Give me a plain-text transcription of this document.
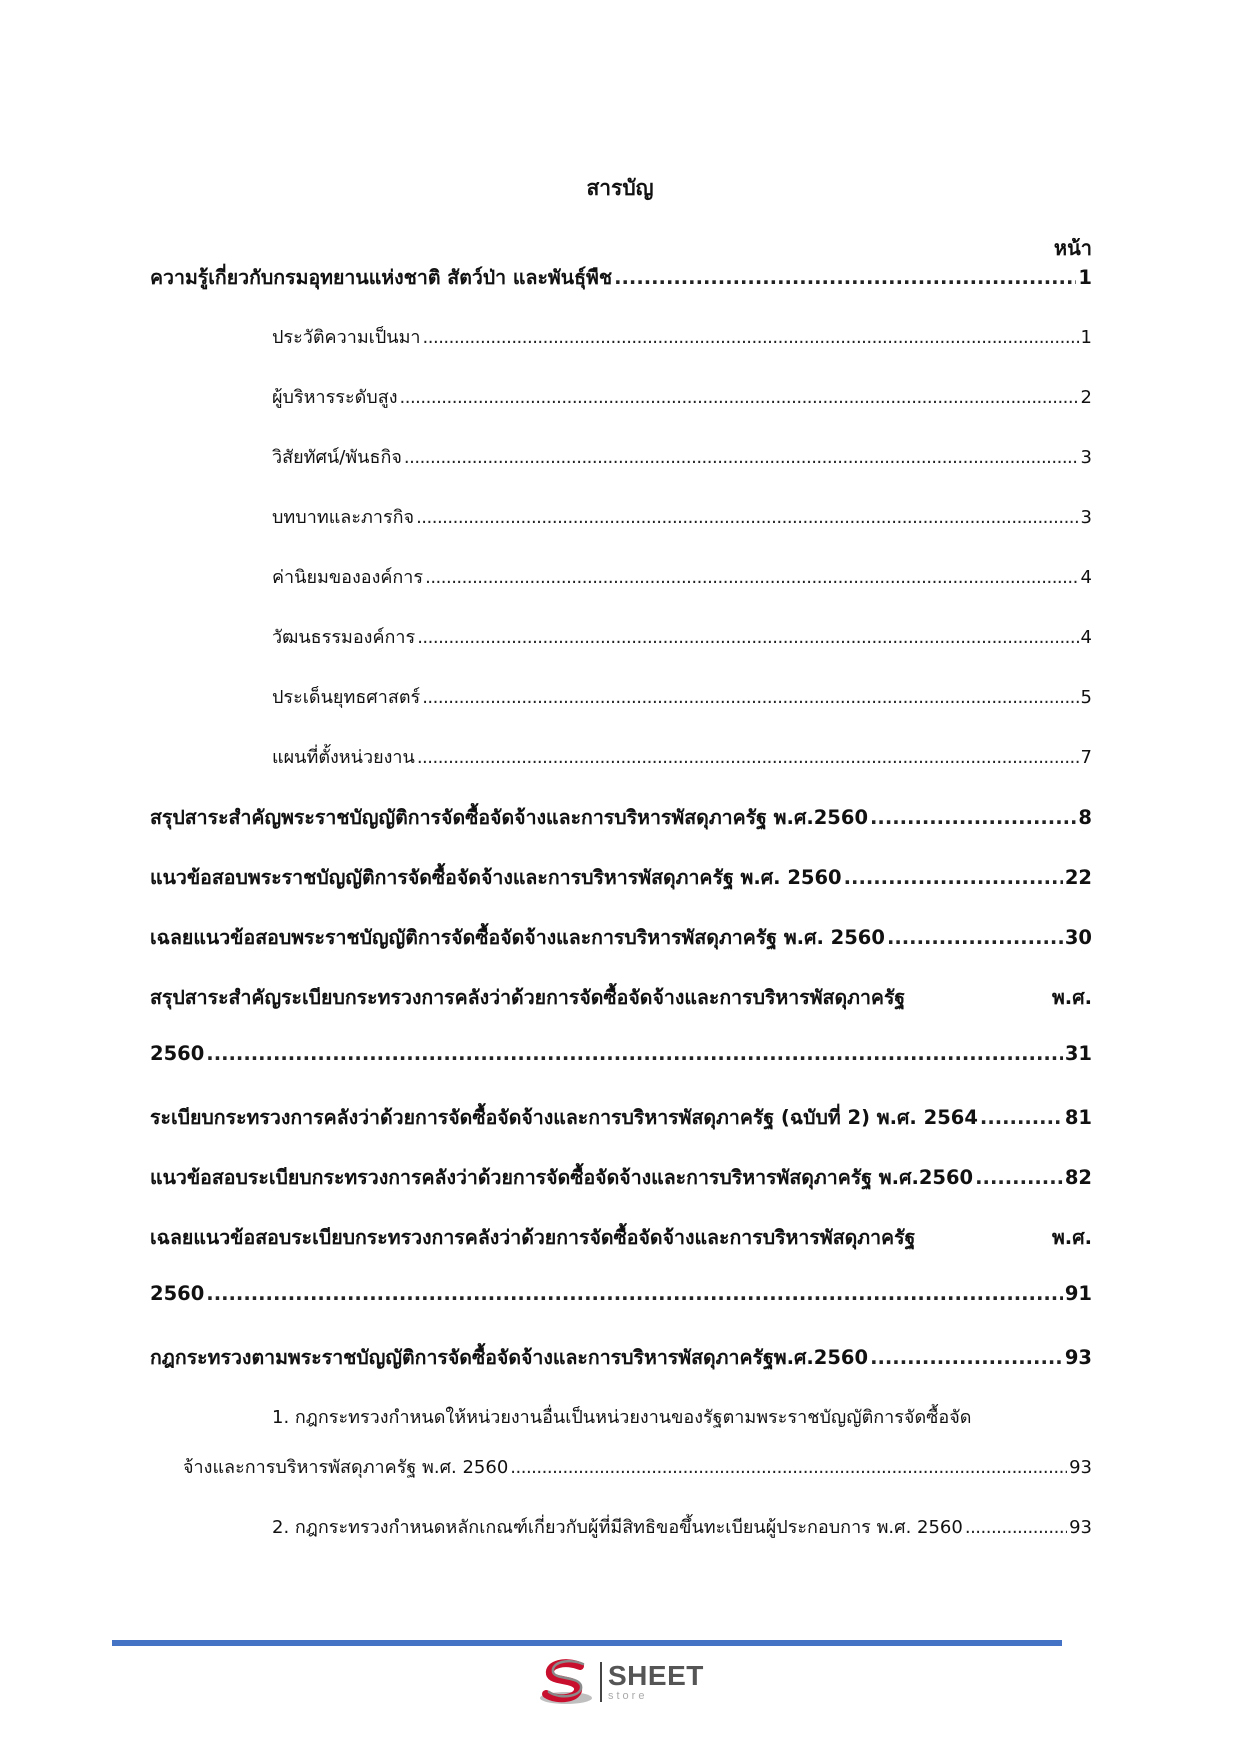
สารบัญ
หน้า
ความรู้เกี่ยวกับกรมอุทยานแห่งชาติ สัตว์ป่า และพันธุ์พืช .....	1
ประวัติความเป็นมา .....	1
ผู้บริหารระดับสูง .....	2
วิสัยทัศน์/พันธกิจ .....	3
บทบาทและภารกิจ .....	3
ค่านิยมขององค์การ .....	4
วัฒนธรรมองค์การ .....	4
ประเด็นยุทธศาสตร์ .....	5
แผนที่ตั้งหน่วยงาน .....	7
สรุปสาระสำคัญพระราชบัญญัติการจัดซื้อจัดจ้างและการบริหารพัสดุภาครัฐ พ.ศ.2560 .....	8
แนวข้อสอบพระราชบัญญัติการจัดซื้อจัดจ้างและการบริหารพัสดุภาครัฐ พ.ศ. 2560 .....	22
เฉลยแนวข้อสอบพระราชบัญญัติการจัดซื้อจัดจ้างและการบริหารพัสดุภาครัฐ พ.ศ. 2560 .....	30
สรุปสาระสำคัญระเบียบกระทรวงการคลังว่าด้วยการจัดซื้อจัดจ้างและการบริหารพัสดุภาครัฐ	พ.ศ.
2560 .....	31
ระเบียบกระทรวงการคลังว่าด้วยการจัดซื้อจัดจ้างและการบริหารพัสดุภาครัฐ (ฉบับที่ 2) พ.ศ. 2564 .....	81
แนวข้อสอบระเบียบกระทรวงการคลังว่าด้วยการจัดซื้อจัดจ้างและการบริหารพัสดุภาครัฐ พ.ศ.2560 .....	82
เฉลยแนวข้อสอบระเบียบกระทรวงการคลังว่าด้วยการจัดซื้อจัดจ้างและการบริหารพัสดุภาครัฐ	พ.ศ.
2560 .....	91
กฎกระทรวงตามพระราชบัญญัติการจัดซื้อจัดจ้างและการบริหารพัสดุภาครัฐพ.ศ.2560 .....	93
1. กฎกระทรวงกำหนดให้หน่วยงานอื่นเป็นหน่วยงานของรัฐตามพระราชบัญญัติการจัดซื้อจัด
จ้างและการบริหารพัสดุภาครัฐ พ.ศ. 2560 .....	93
2. กฎกระทรวงกำหนดหลักเกณฑ์เกี่ยวกับผู้ที่มีสิทธิขอขึ้นทะเบียนผู้ประกอบการ พ.ศ. 2560 .....	93
SHEET
store
